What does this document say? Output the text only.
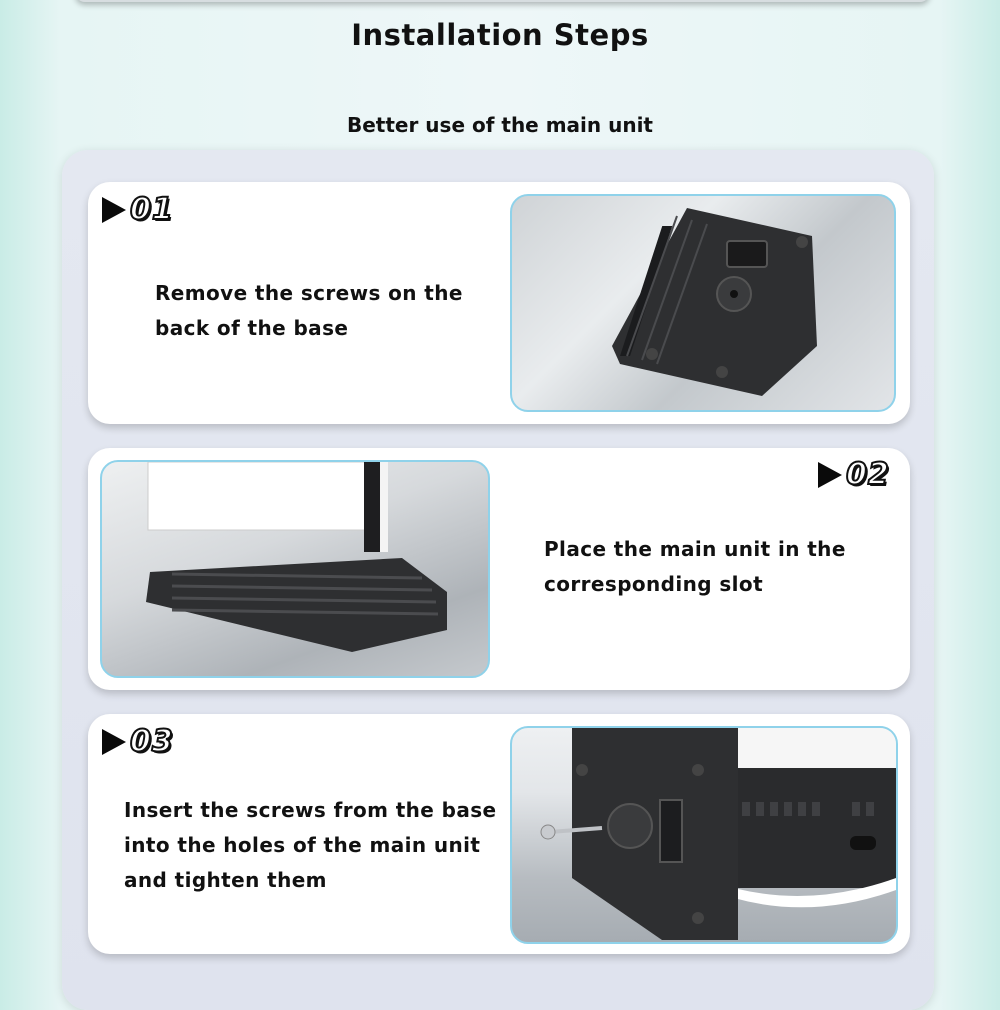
Installation Steps
Better use of the main unit
01
Remove the screws on the
back of the base
02
Place the main unit in the
corresponding slot
03
Insert the screws from the base
into the holes of the main unit
and tighten them
